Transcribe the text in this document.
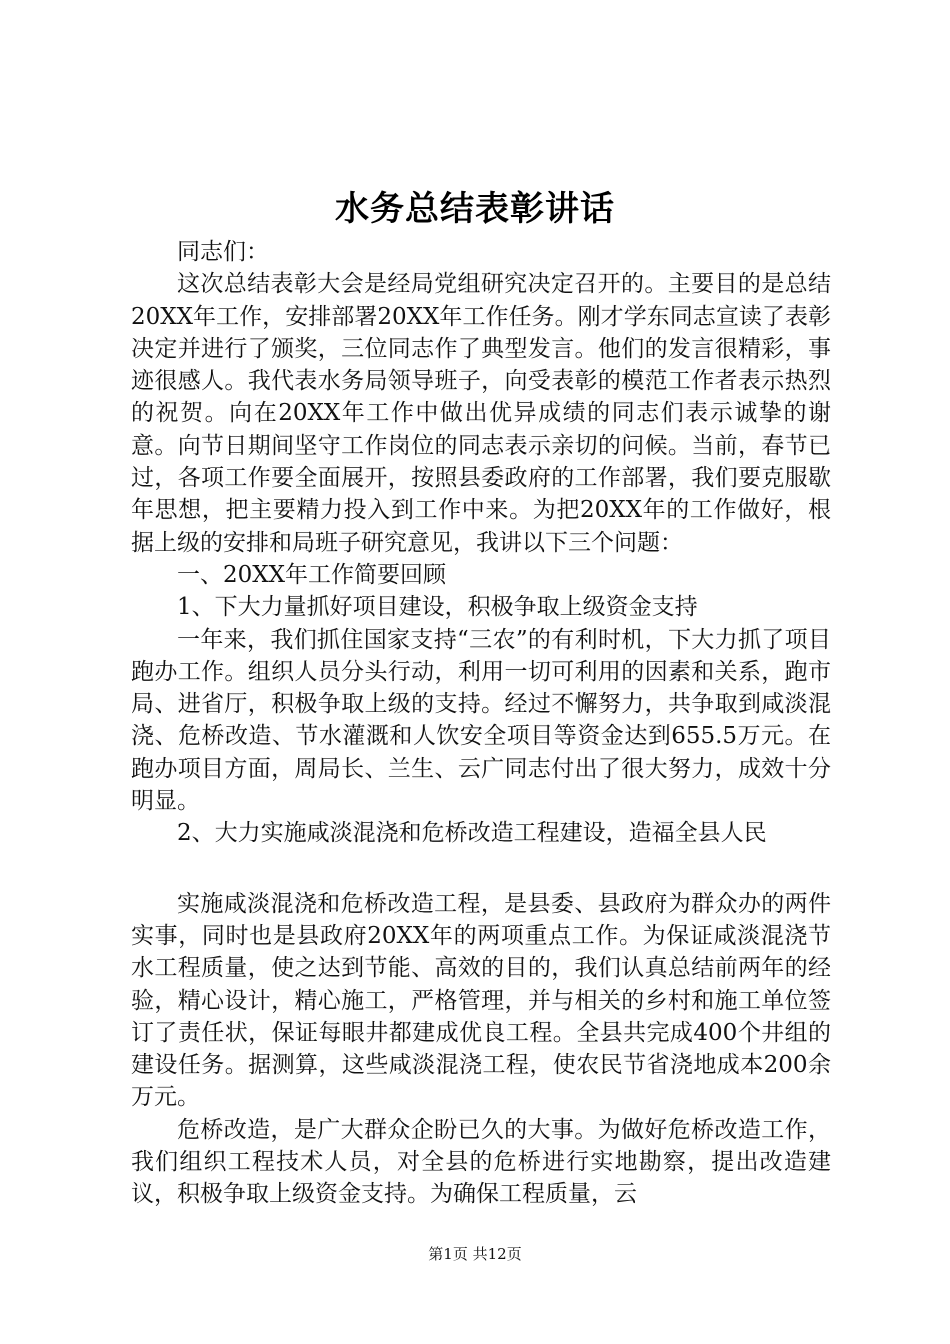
水务总结表彰讲话

同志们：

这次总结表彰大会是经局党组研究决定召开的。主要目的是总结20XX年工作，安排部署20XX年工作任务。刚才学东同志宣读了表彰决定并进行了颁奖，三位同志作了典型发言。他们的发言很精彩，事迹很感人。我代表水务局领导班子，向受表彰的模范工作者表示热烈的祝贺。向在20XX年工作中做出优异成绩的同志们表示诚挚的谢意。向节日期间坚守工作岗位的同志表示亲切的问候。当前，春节已过，各项工作要全面展开，按照县委政府的工作部署，我们要克服歇年思想，把主要精力投入到工作中来。为把20XX年的工作做好，根据上级的安排和局班子研究意见，我讲以下三个问题：

一、20XX年工作简要回顾

1、下大力量抓好项目建设，积极争取上级资金支持

一年来，我们抓住国家支持“三农”的有利时机，下大力抓了项目跑办工作。组织人员分头行动，利用一切可利用的因素和关系，跑市局、进省厅，积极争取上级的支持。经过不懈努力，共争取到咸淡混浇、危桥改造、节水灌溉和人饮安全项目等资金达到655.5万元。在跑办项目方面，周局长、兰生、云广同志付出了很大努力，成效十分明显。

2、大力实施咸淡混浇和危桥改造工程建设，造福全县人民

实施咸淡混浇和危桥改造工程，是县委、县政府为群众办的两件实事，同时也是县政府20XX年的两项重点工作。为保证咸淡混浇节水工程质量，使之达到节能、高效的目的，我们认真总结前两年的经验，精心设计，精心施工，严格管理，并与相关的乡村和施工单位签订了责任状，保证每眼井都建成优良工程。全县共完成400个井组的建设任务。据测算，这些咸淡混浇工程，使农民节省浇地成本200余万元。

危桥改造，是广大群众企盼已久的大事。为做好危桥改造工作，我们组织工程技术人员，对全县的危桥进行实地勘察，提出改造建议，积极争取上级资金支持。为确保工程质量，云

第1页 共12页
